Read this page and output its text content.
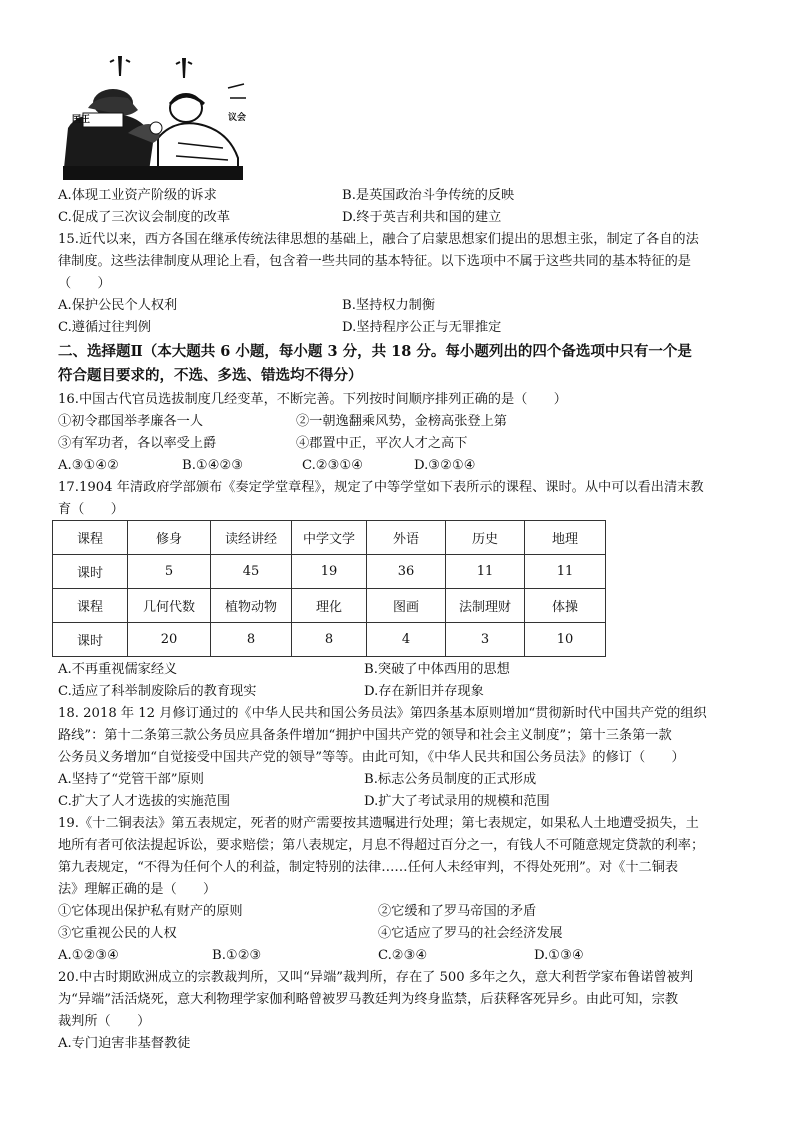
国王	议会
A.体现工业资产阶级的诉求	B.是英国政治斗争传统的反映
C.促成了三次议会制度的改革	D.终于英吉利共和国的建立
15.近代以来，西方各国在继承传统法律思想的基础上，融合了启蒙思想家们提出的思想主张，制定了各自的法
律制度。这些法律制度从理论上看，包含着一些共同的基本特征。以下选项中不属于这些共同的基本特征的是
（　　）
A.保护公民个人权利	B.坚持权力制衡
C.遵循过往判例	D.坚持程序公正与无罪推定
二、选择题Ⅱ（本大题共 6 小题，每小题 3 分，共 18 分。每小题列出的四个备选项中只有一个是
符合题目要求的，不选、多选、错选均不得分）
16.中国古代官员选拔制度几经变革，不断完善。下列按时间顺序排列正确的是（　　）
①初令郡国举孝廉各一人	②一朝逸翻乘风势，金榜高张登上第
③有军功者，各以率受上爵	④郡置中正，平次人才之高下
A.③①④②	B.①④②③	C.②③①④	D.③②①④
17.1904 年清政府学部颁布《奏定学堂章程》，规定了中等学堂如下表所示的课程、课时。从中可以看出清末教
育（　　）
课程	修身	读经讲经	中学文学	外语	历史	地理
课时	5	45	19	36	11	11
课程	几何代数	植物动物	理化	图画	法制理财	体操
课时	20	8	8	4	3	10
A.不再重视儒家经义	B.突破了中体西用的思想
C.适应了科举制废除后的教育现实	D.存在新旧并存现象
18. 2018 年 12 月修订通过的《中华人民共和国公务员法》第四条基本原则增加“贯彻新时代中国共产党的组织
路线”：第十二条第三款公务员应具备条件增加“拥护中国共产党的领导和社会主义制度”；第十三条第一款
公务员义务增加“自觉接受中国共产党的领导”等等。由此可知，《中华人民共和国公务员法》的修订（　　）
A.坚持了“党管干部”原则	B.标志公务员制度的正式形成
C.扩大了人才选拔的实施范围	D.扩大了考试录用的规模和范围
19.《十二铜表法》第五表规定，死者的财产需要按其遗嘱进行处理；第七表规定，如果私人土地遭受损失，土
地所有者可依法提起诉讼，要求赔偿；第八表规定，月息不得超过百分之一，有钱人不可随意规定贷款的利率；
第九表规定，“不得为任何个人的利益，制定特别的法律……任何人未经审判，不得处死刑”。对《十二铜表
法》理解正确的是（　　）
①它体现出保护私有财产的原则	②它缓和了罗马帝国的矛盾
③它重视公民的人权	④它适应了罗马的社会经济发展
A.①②③④	B.①②③	C.②③④	D.①③④
20.中古时期欧洲成立的宗教裁判所，又叫“异端”裁判所，存在了 500 多年之久，意大利哲学家布鲁诺曾被判
为“异端”活活烧死，意大利物理学家伽利略曾被罗马教廷判为终身监禁，后获释客死异乡。由此可知，宗教
裁判所（　　）
A.专门迫害非基督教徒
